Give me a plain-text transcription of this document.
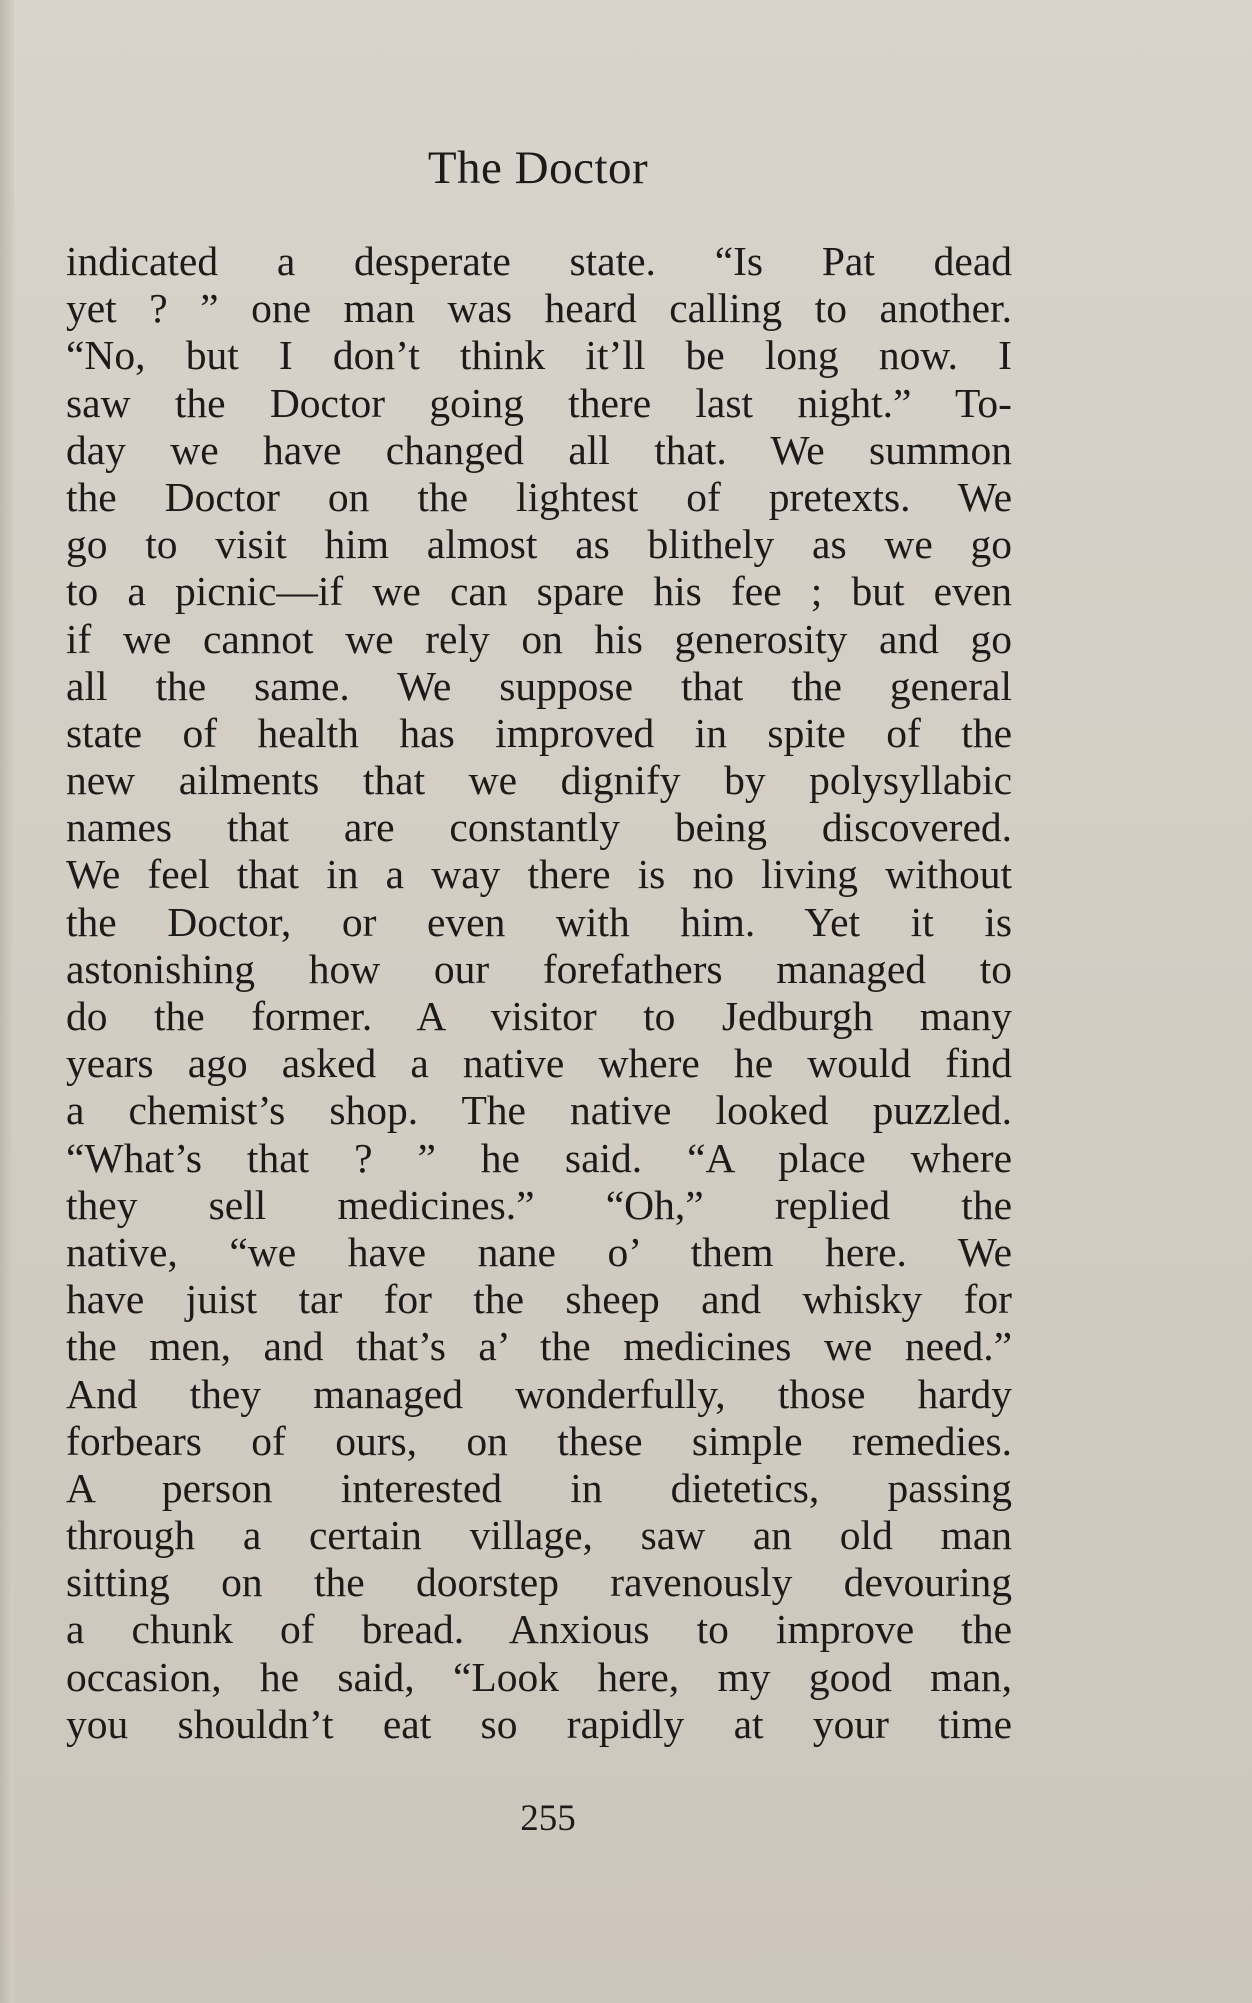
The Doctor
indicated a desperate state. “Is Pat dead
yet ? ” one man was heard calling to another.
“No, but I don’t think it’ll be long now. I
saw the Doctor going there last night.” To-
day we have changed all that. We summon
the Doctor on the lightest of pretexts. We
go to visit him almost as blithely as we go
to a picnic—if we can spare his fee ; but even
if we cannot we rely on his generosity and go
all the same. We suppose that the general
state of health has improved in spite of the
new ailments that we dignify by polysyllabic
names that are constantly being discovered.
We feel that in a way there is no living without
the Doctor, or even with him. Yet it is
astonishing how our forefathers managed to
do the former. A visitor to Jedburgh many
years ago asked a native where he would find
a chemist’s shop. The native looked puzzled.
“What’s that ? ” he said. “A place where
they sell medicines.” “Oh,” replied the
native, “we have nane o’ them here. We
have juist tar for the sheep and whisky for
the men, and that’s a’ the medicines we need.”
And they managed wonderfully, those hardy
forbears of ours, on these simple remedies.
A person interested in dietetics, passing
through a certain village, saw an old man
sitting on the doorstep ravenously devouring
a chunk of bread. Anxious to improve the
occasion, he said, “Look here, my good man,
you shouldn’t eat so rapidly at your time
255
